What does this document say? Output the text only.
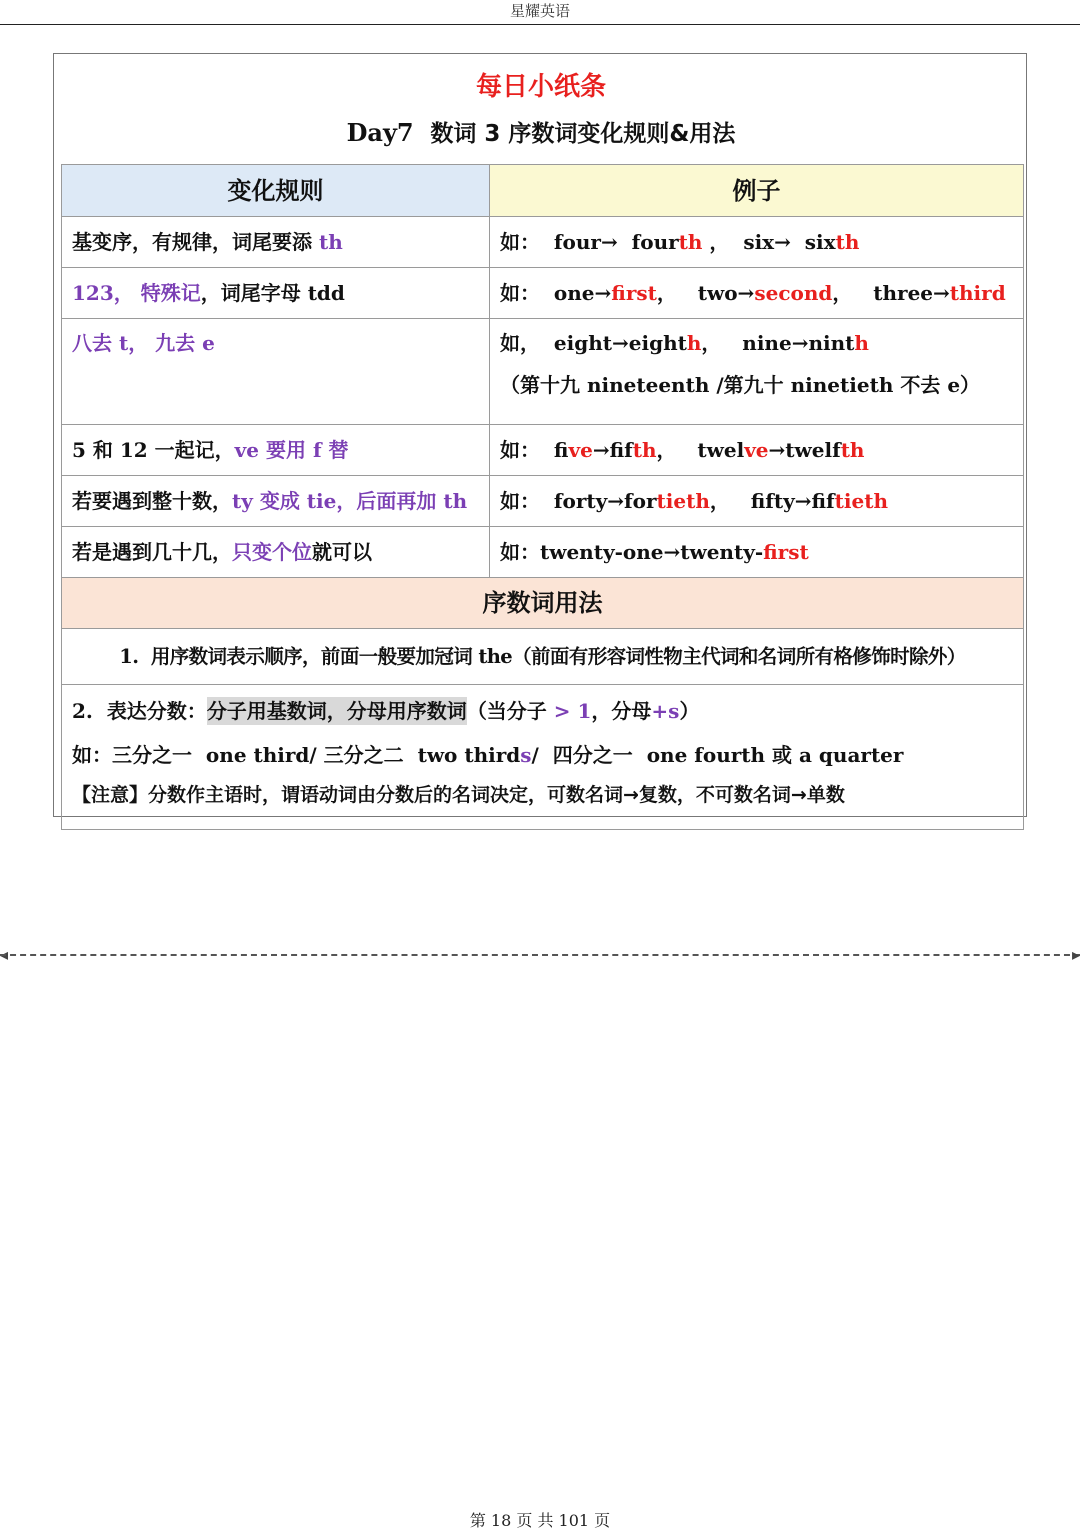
星耀英语
每日小纸条
Day7 数词 3 序数词变化规则&用法
变化规则	例子
基变序，有规律，词尾要添 th	如：  four→  fourth ，  six→  sixth
123， 特殊记，词尾字母 tdd	如：  one→first，   two→second，   three→third
八去 t， 九去 e	如，  eight→eighth，   nine→ninth
（第十九 nineteenth /第九十 ninetieth 不去 e）

5 和 12 一起记，ve 要用 f 替	如：  five→fifth，   twelve→twelfth
若要遇到整十数，ty 变成 tie，后面再加 th	如：  forty→fortieth，   fifty→fiftieth
若是遇到几十几，只变个位就可以	如：twenty-one→twenty-first
序数词用法	
1.  用序数词表示顺序，前面一般要加冠词 the（前面有形容词性物主代词和名词所有格修饰时除外）	

2.  表达分数：分子用基数词，分母用序数词（当分子 > 1，分母+s）
如：三分之一  one third/ 三分之二  two thirds/  四分之一  one fourth 或 a quarter
【注意】分数作主语时，谓语动词由分数后的名词决定，可数名词→复数，不可数名词→单数	
◂	▸
第 18 页 共 101 页
